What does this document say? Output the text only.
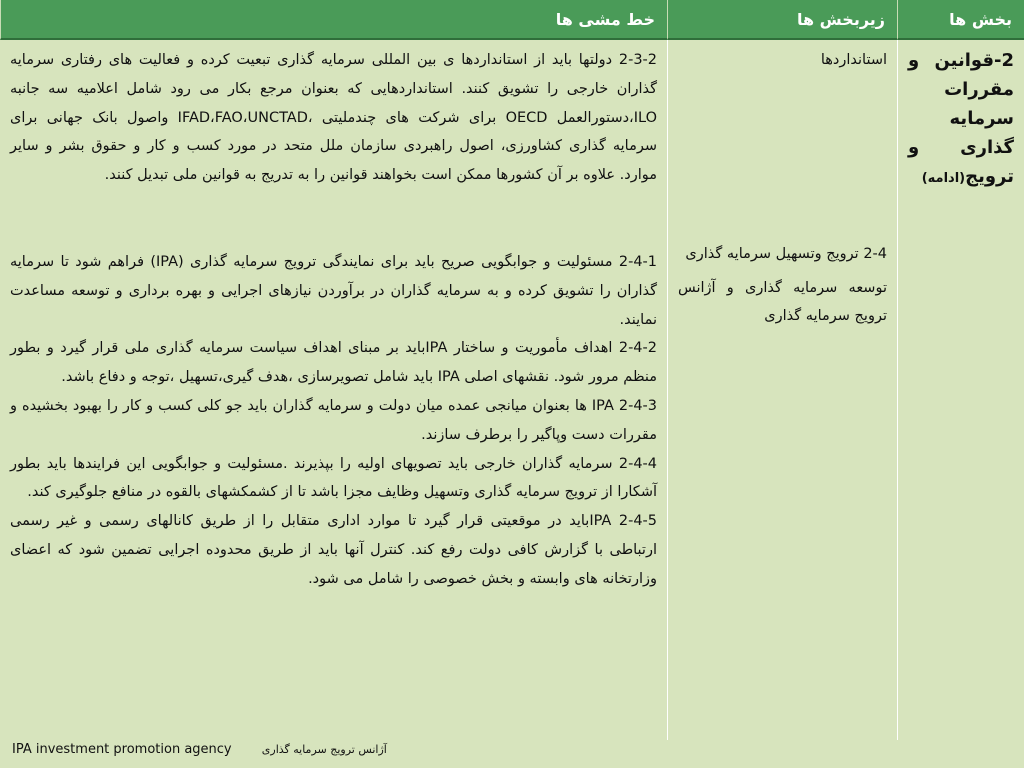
بخش ها
زیربخش ها
خط مشی ها
2-قوانین و مقررات سرمایه گذاری و ترویج(ادامه)

استانداردها

2-4 ترویج وتسهیل سرمایه گذاری

توسعه سرمایه گذاری و آژانس ترویج سرمایه گذاری

2-3-2 دولتها باید از استانداردها ی بین المللی سرمایه گذاری تبعیت کرده و فعالیت های رفتاری سرمایه گذاران خارجی را تشویق کنند. استانداردهایی که بعنوان مرجع بکار می رود شامل اعلامیه سه جانبه ILO،دستورالعمل OECD برای شرکت های چندملیتی ،IFAD،FAO،UNCTAD واصول بانک جهانی برای سرمایه گذاری کشاورزی، اصول راهبردی سازمان ملل متحد در مورد کسب و کار و حقوق بشر و سایر موارد. علاوه بر آن کشورها ممکن است بخواهند قوانین را به تدریج به قوانین ملی تبدیل کنند.

2-4-1 مسئولیت و جوابگویی صریح باید برای نمایندگی ترویج سرمایه گذاری (IPA) فراهم شود تا سرمایه گذاران را تشویق کرده و به سرمایه گذاران در برآوردن نیازهای اجرایی و بهره برداری و توسعه مساعدت نمایند.

2-4-2 اهداف مأموریت و ساختار IPAباید بر مبنای اهداف سیاست سرمایه گذاری ملی قرار گیرد و بطور منظم مرور شود. نقشهای اصلی IPA باید شامل تصویرسازی ،هدف گیری،تسهیل ،توجه و دفاع باشد.

2-4-3 IPA ها بعنوان میانجی عمده میان دولت و سرمایه گذاران باید جو کلی کسب و کار را بهبود بخشیده و مقررات دست وپاگیر را برطرف سازند.

2-4-4 سرمایه گذاران خارجی باید تصویهای اولیه را بپذیرند .مسئولیت و جوابگویی این فرایندها باید بطور آشکارا از ترویج سرمایه گذاری وتسهیل وظایف مجزا باشد تا از کشمکشهای بالقوه در منافع جلوگیری کند.

2-4-5 IPAباید در موقعیتی قرار گیرد تا موارد اداری متقابل را از طریق کانالهای رسمی و غیر رسمی ارتباطی با گزارش کافی دولت رفع کند. کنترل آنها باید از طریق محدوده اجرایی تضمین شود که اعضای وزارتخانه های وابسته و بخش خصوصی را شامل می شود.

IPA investment promotion agency	آژانس ترویج سرمایه گذاری
